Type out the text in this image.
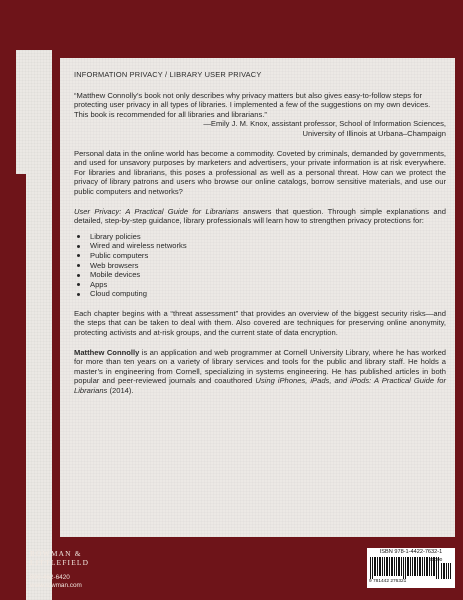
INFORMATION PRIVACY / LIBRARY USER PRIVACY

“Matthew Connolly’s book not only describes why privacy matters but also gives easy-to-follow steps for protecting user privacy in all types of libraries. I implemented a few of the suggestions on my own devices. This book is recommended for all libraries and librarians.”

—Emily J. M. Knox, assistant professor, School of Information Sciences,

University of Illinois at Urbana–Champaign

Personal data in the online world has become a commodity. Coveted by criminals, demanded by governments, and used for unsavory purposes by marketers and advertisers, your private information is at risk everywhere. For libraries and librarians, this poses a professional as well as a personal threat. How can we protect the privacy of library patrons and users who browse our online catalogs, borrow sensitive materials, and use our public computers and networks?

User Privacy: A Practical Guide for Librarians answers that question. Through simple explanations and detailed, step-by-step guidance, library professionals will learn how to strengthen privacy protections for:

Library policies
Wired and wireless networks
Public computers
Web browsers
Mobile devices
Apps
Cloud computing

Each chapter begins with a “threat assessment” that provides an overview of the biggest security risks—and the steps that can be taken to deal with them. Also covered are techniques for preserving online anonymity, protecting activists and at-risk groups, and the current state of data encryption.

Matthew Connolly is an application and web programmer at Cornell University Library, where he has worked for more than ten years on a variety of library services and tools for the public and library staff. He holds a master’s in engineering from Cornell, specializing in systems engineering. He has published articles in both popular and peer-reviewed journals and coauthored Using iPhones, iPads, and iPods: A Practical Guide for Librarians (2014).

ROWMAN &
LITTLEFIELD
800-462-6420
www.rowman.com
ISBN 978-1-4422-7632-1
90000
9 781442 276321
